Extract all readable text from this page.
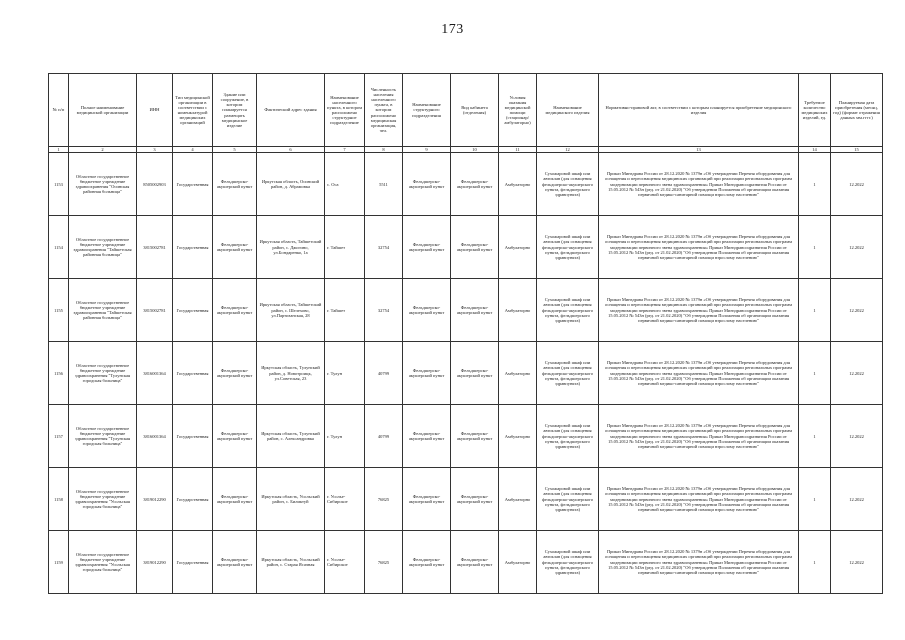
173
№ п/п	Полное наименование медицинской организации	ИНН	Тип медицинской организации в соответствии с номенклатурой медицинских организаций	Здание или сооружение, в котором планируется размещать медицинское изделие	Фактический адрес здания	Наименование населенного пункта, в котором расположено структурное подразделение	Численность населения населенного пункта, в котором расположено медицинская организация, чел.	Наименование структурного подразделения	Вид кабинета (отделения)	Условия оказания медицинской помощи (стационар/амбулаторно)	Наименование медицинского изделия	Нормативно-правовой акт, в соответствии с которым планируется приобретение медицинского изделия	Требуемое количество медицинских изделий, ед.	Планируемая дата приобретения (месяц, год) (формат отражения данных мм.гггг.)
1	2	3	4	5	6	7	8	9	10	11	12	13	14	15
1153	Областное государственное бюджетное учреждение здравоохранения "Осинская районная больница"	8505002903	Государственная	Фельдшерско-акушерский пункт	Иркутская область, Осинский район, д. Абрамовка	с. Оса	5511	Фельдшерско-акушерский пункт	Фельдшерско-акушерский пункт	Амбулаторно	Сухожаровой шкаф или автоклав (для оснащения фельдшерско-акушерского пункта, фельдшерского здравпункта)	Приказ Минздрава России от 28.12.2020 № 1379н «Об утверждении Перечня оборудования для оснащения и переоснащения медицинских организаций при реализации региональных программ модернизации первичного звена здравоохранения» Приказ Минздравсоцразвития России от 15.05.2012 № 543н (ред. от 21.02.2020) "Об утверждении Положения об организации оказания первичной медико-санитарной помощи взрослому населению"	1	12.2022
1154	Областное государственное бюджетное учреждение здравоохранения "Тайшетская районная больница"	3815002781	Государственная	Фельдшерско-акушерский пункт	Иркутская область, Тайшетский район, с. Джогино, ул.Бондаренко, 1а	г. Тайшет	32754	Фельдшерско-акушерский пункт	Фельдшерско-акушерский пункт	Амбулаторно	Сухожаровой шкаф или автоклав (для оснащения фельдшерско-акушерского пункта, фельдшерского здравпункта)	Приказ Минздрава России от 28.12.2020 № 1379н «Об утверждении Перечня оборудования для оснащения и переоснащения медицинских организаций при реализации региональных программ модернизации первичного звена здравоохранения» Приказ Минздравсоцразвития России от 15.05.2012 № 543н (ред. от 21.02.2020) "Об утверждении Положения об организации оказания первичной медико-санитарной помощи взрослому населению"	1	12.2022
1155	Областное государственное бюджетное учреждение здравоохранения "Тайшетская районная больница"	3815002781	Государственная	Фельдшерско-акушерский пункт	Иркутская область, Тайшетский район, с. Шелехово, ул.Партизанская, 28	г. Тайшет	32754	Фельдшерско-акушерский пункт	Фельдшерско-акушерский пункт	Амбулаторно	Сухожаровой шкаф или автоклав (для оснащения фельдшерско-акушерского пункта, фельдшерского здравпункта)	Приказ Минздрава России от 28.12.2020 № 1379н «Об утверждении Перечня оборудования для оснащения и переоснащения медицинских организаций при реализации региональных программ модернизации первичного звена здравоохранения» Приказ Минздравсоцразвития России от 15.05.2012 № 543н (ред. от 21.02.2020) "Об утверждении Положения об организации оказания первичной медико-санитарной помощи взрослому населению"	1	12.2022
1156	Областное государственное бюджетное учреждение здравоохранения "Тулунская городская больница"	3816001364	Государственная	Фельдшерско-акушерский пункт	Иркутская область, Тулунский район, д. Новотроицк, ул.Советская, 23	г. Тулун	40799	Фельдшерско-акушерский пункт	Фельдшерско-акушерский пункт	Амбулаторно	Сухожаровой шкаф или автоклав (для оснащения фельдшерско-акушерского пункта, фельдшерского здравпункта)	Приказ Минздрава России от 28.12.2020 № 1379н «Об утверждении Перечня оборудования для оснащения и переоснащения медицинских организаций при реализации региональных программ модернизации первичного звена здравоохранения» Приказ Минздравсоцразвития России от 15.05.2012 № 543н (ред. от 21.02.2020) "Об утверждении Положения об организации оказания первичной медико-санитарной помощи взрослому населению"	1	12.2022
1157	Областное государственное бюджетное учреждение здравоохранения "Тулунская городская больница"	3816001364	Государственная	Фельдшерско-акушерский пункт	Иркутская область, Тулунский район, с. Александровка	г. Тулун	40799	Фельдшерско-акушерский пункт	Фельдшерско-акушерский пункт	Амбулаторно	Сухожаровой шкаф или автоклав (для оснащения фельдшерско-акушерского пункта, фельдшерского здравпункта)	Приказ Минздрава России от 28.12.2020 № 1379н «Об утверждении Перечня оборудования для оснащения и переоснащения медицинских организаций при реализации региональных программ модернизации первичного звена здравоохранения» Приказ Минздравсоцразвития России от 15.05.2012 № 543н (ред. от 21.02.2020) "Об утверждении Положения об организации оказания первичной медико-санитарной помощи взрослому населению"	1	12.2022
1158	Областное государственное бюджетное учреждение здравоохранения "Усольская городская больница"	3819012290	Государственная	Фельдшерско-акушерский пункт	Иркутская область, Усольский район, с. Биликтуй	г. Усолье-Сибирское	76825	Фельдшерско-акушерский пункт	Фельдшерско-акушерский пункт	Амбулаторно	Сухожаровой шкаф или автоклав (для оснащения фельдшерско-акушерского пункта, фельдшерского здравпункта)	Приказ Минздрава России от 28.12.2020 № 1379н «Об утверждении Перечня оборудования для оснащения и переоснащения медицинских организаций при реализации региональных программ модернизации первичного звена здравоохранения» Приказ Минздравсоцразвития России от 15.05.2012 № 543н (ред. от 21.02.2020) "Об утверждении Положения об организации оказания первичной медико-санитарной помощи взрослому населению"	1	12.2022
1159	Областное государственное бюджетное учреждение здравоохранения "Усольская городская больница"	3819012290	Государственная	Фельдшерско-акушерский пункт	Иркутская область, Усольский район, с. Старая Ясачная	г. Усолье-Сибирское	76825	Фельдшерско-акушерский пункт	Фельдшерско-акушерский пункт	Амбулаторно	Сухожаровой шкаф или автоклав (для оснащения фельдшерско-акушерского пункта, фельдшерского здравпункта)	Приказ Минздрава России от 28.12.2020 № 1379н «Об утверждении Перечня оборудования для оснащения и переоснащения медицинских организаций при реализации региональных программ модернизации первичного звена здравоохранения» Приказ Минздравсоцразвития России от 15.05.2012 № 543н (ред. от 21.02.2020) "Об утверждении Положения об организации оказания первичной медико-санитарной помощи взрослому населению"	1	12.2022
